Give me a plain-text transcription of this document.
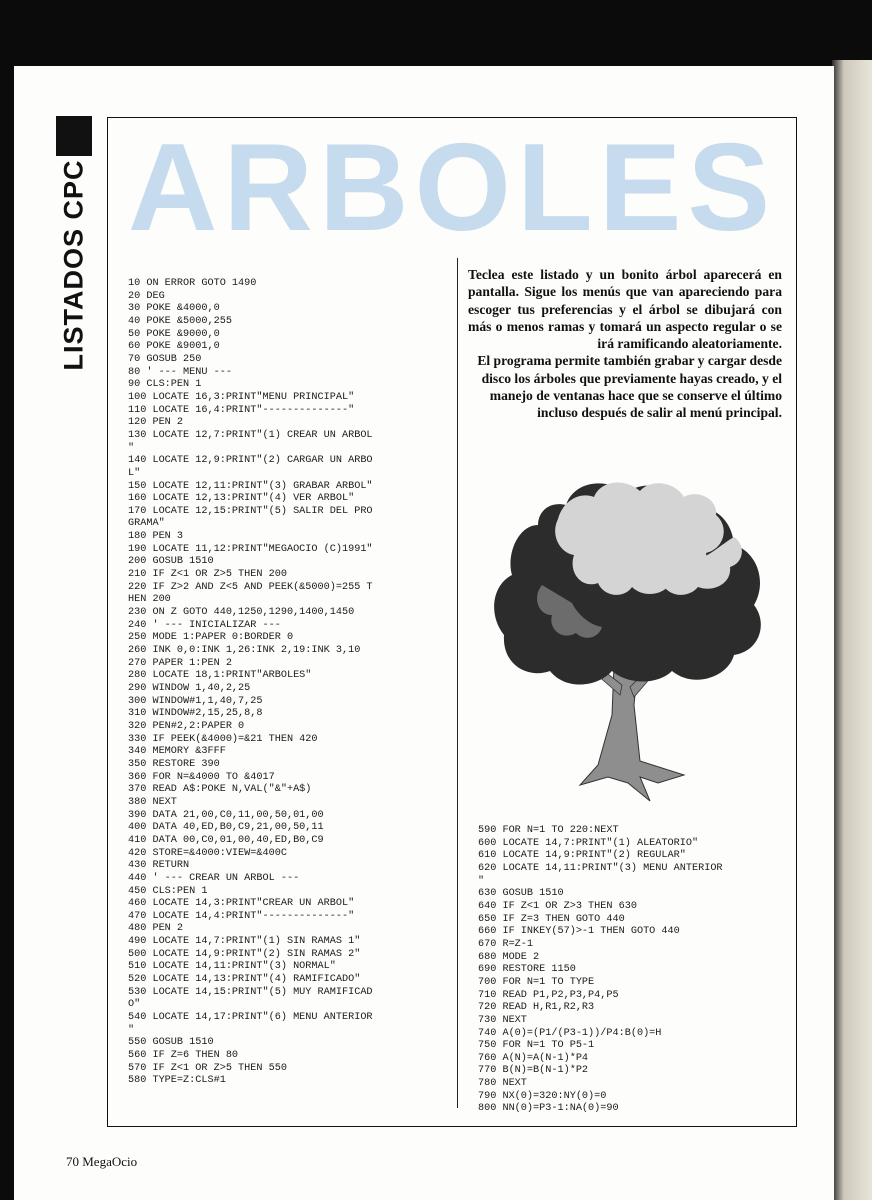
LISTADOS CPC ARBOLES
10 ON ERROR GOTO 1490
20 DEG
30 POKE &4000,0
40 POKE &5000,255
50 POKE &9000,0
60 POKE &9001,0
70 GOSUB 250
80 ' --- MENU ---
90 CLS:PEN 1
100 LOCATE 16,3:PRINT"MENU PRINCIPAL"
110 LOCATE 16,4:PRINT"--------------"
120 PEN 2
130 LOCATE 12,7:PRINT"(1) CREAR UN ARBOL
"
140 LOCATE 12,9:PRINT"(2) CARGAR UN ARBO
L"
150 LOCATE 12,11:PRINT"(3) GRABAR ARBOL"
160 LOCATE 12,13:PRINT"(4) VER ARBOL"
170 LOCATE 12,15:PRINT"(5) SALIR DEL PRO
GRAMA"
180 PEN 3
190 LOCATE 11,12:PRINT"MEGAOCIO (C)1991"
200 GOSUB 1510
210 IF Z<1 OR Z>5 THEN 200
220 IF Z>2 AND Z<5 AND PEEK(&5000)=255 T
HEN 200
230 ON Z GOTO 440,1250,1290,1400,1450
240 ' --- INICIALIZAR ---
250 MODE 1:PAPER 0:BORDER 0
260 INK 0,0:INK 1,26:INK 2,19:INK 3,10
270 PAPER 1:PEN 2
280 LOCATE 18,1:PRINT"ARBOLES"
290 WINDOW 1,40,2,25
300 WINDOW#1,1,40,7,25
310 WINDOW#2,15,25,8,8
320 PEN#2,2:PAPER 0
330 IF PEEK(&4000)=&21 THEN 420
340 MEMORY &3FFF
350 RESTORE 390
360 FOR N=&4000 TO &4017
370 READ A$:POKE N,VAL("&"+A$)
380 NEXT
390 DATA 21,00,C0,11,00,50,01,00
400 DATA 40,ED,B0,C9,21,00,50,11
410 DATA 00,C0,01,00,40,ED,B0,C9
420 STORE=&4000:VIEW=&400C
430 RETURN
440 ' --- CREAR UN ARBOL ---
450 CLS:PEN 1
460 LOCATE 14,3:PRINT"CREAR UN ARBOL"
470 LOCATE 14,4:PRINT"--------------"
480 PEN 2
490 LOCATE 14,7:PRINT"(1) SIN RAMAS 1"
500 LOCATE 14,9:PRINT"(2) SIN RAMAS 2"
510 LOCATE 14,11:PRINT"(3) NORMAL"
520 LOCATE 14,13:PRINT"(4) RAMIFICADO"
530 LOCATE 14,15:PRINT"(5) MUY RAMIFICAD
O"
540 LOCATE 14,17:PRINT"(6) MENU ANTERIOR
"
550 GOSUB 1510
560 IF Z=6 THEN 80
570 IF Z<1 OR Z>5 THEN 550
580 TYPE=Z:CLS#1

Teclea este listado y un bonito árbol aparecerá en pantalla. Sigue los menús que van apareciendo para escoger tus preferencias y el árbol se dibujará con más o menos ramas y tomará un aspecto regular o se irá ramificando aleatoriamente.

El programa permite también grabar y cargar desde disco los árboles que previamente hayas creado, y el manejo de ventanas hace que se conserve el último incluso después de salir al menú principal.

590 FOR N=1 TO 220:NEXT
600 LOCATE 14,7:PRINT"(1) ALEATORIO"
610 LOCATE 14,9:PRINT"(2) REGULAR"
620 LOCATE 14,11:PRINT"(3) MENU ANTERIOR
"
630 GOSUB 1510
640 IF Z<1 OR Z>3 THEN 630
650 IF Z=3 THEN GOTO 440
660 IF INKEY(57)>-1 THEN GOTO 440
670 R=Z-1
680 MODE 2
690 RESTORE 1150
700 FOR N=1 TO TYPE
710 READ P1,P2,P3,P4,P5
720 READ H,R1,R2,R3
730 NEXT
740 A(0)=(P1/(P3-1))/P4:B(0)=H
750 FOR N=1 TO P5-1
760 A(N)=A(N-1)*P4
770 B(N)=B(N-1)*P2
780 NEXT
790 NX(0)=320:NY(0)=0
800 NN(0)=P3-1:NA(0)=90
70 MegaOcio
